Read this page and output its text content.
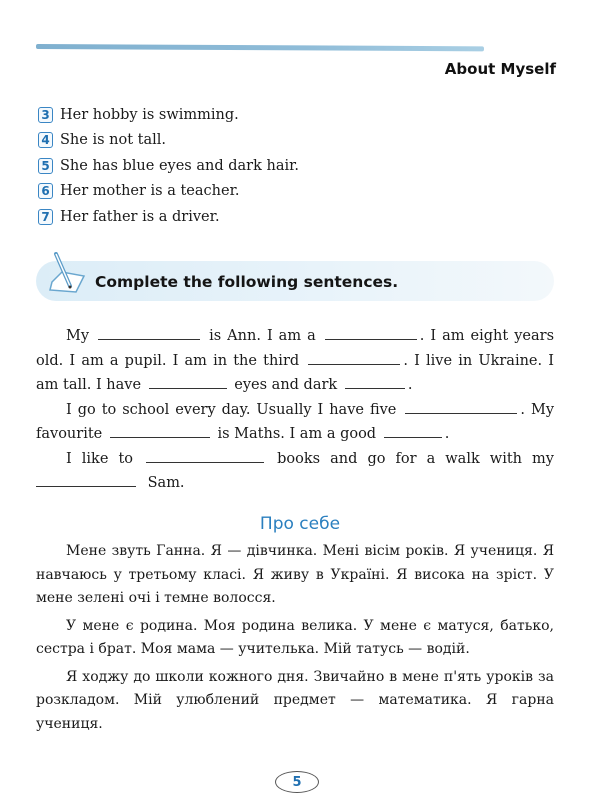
About Myself
3 Her hobby is swimming.
4 She is not tall.
5 She has blue eyes and dark hair.
6 Her mother is a teacher.
7 Her father is a driver.
Complete the following sentences.

My	is Ann. I am a	. I am eight years old. I am a pupil. I am in the third	. I live in Ukraine. I am tall. I have	eyes and dark	.

I go to school every day. Usually I have five	. My favourite	is Maths. I am a good	.

I like to	books and go for a walk with my  Sam.

Про себе

Мене звуть Ганна. Я — дівчинка. Мені вісім років. Я учениця. Я навчаюсь у третьому класі. Я живу в Україні. Я висока на зріст. У мене зелені очі і темне волосся.

У мене є родина. Моя родина велика. У мене є матуся, батько, сестра і брат. Моя мама — учителька. Мій татусь — водій.

Я ходжу до школи кожного дня. Звичайно в мене п'ять уроків за розкладом. Мій улюблений предмет — математика. Я гарна учениця.

5
